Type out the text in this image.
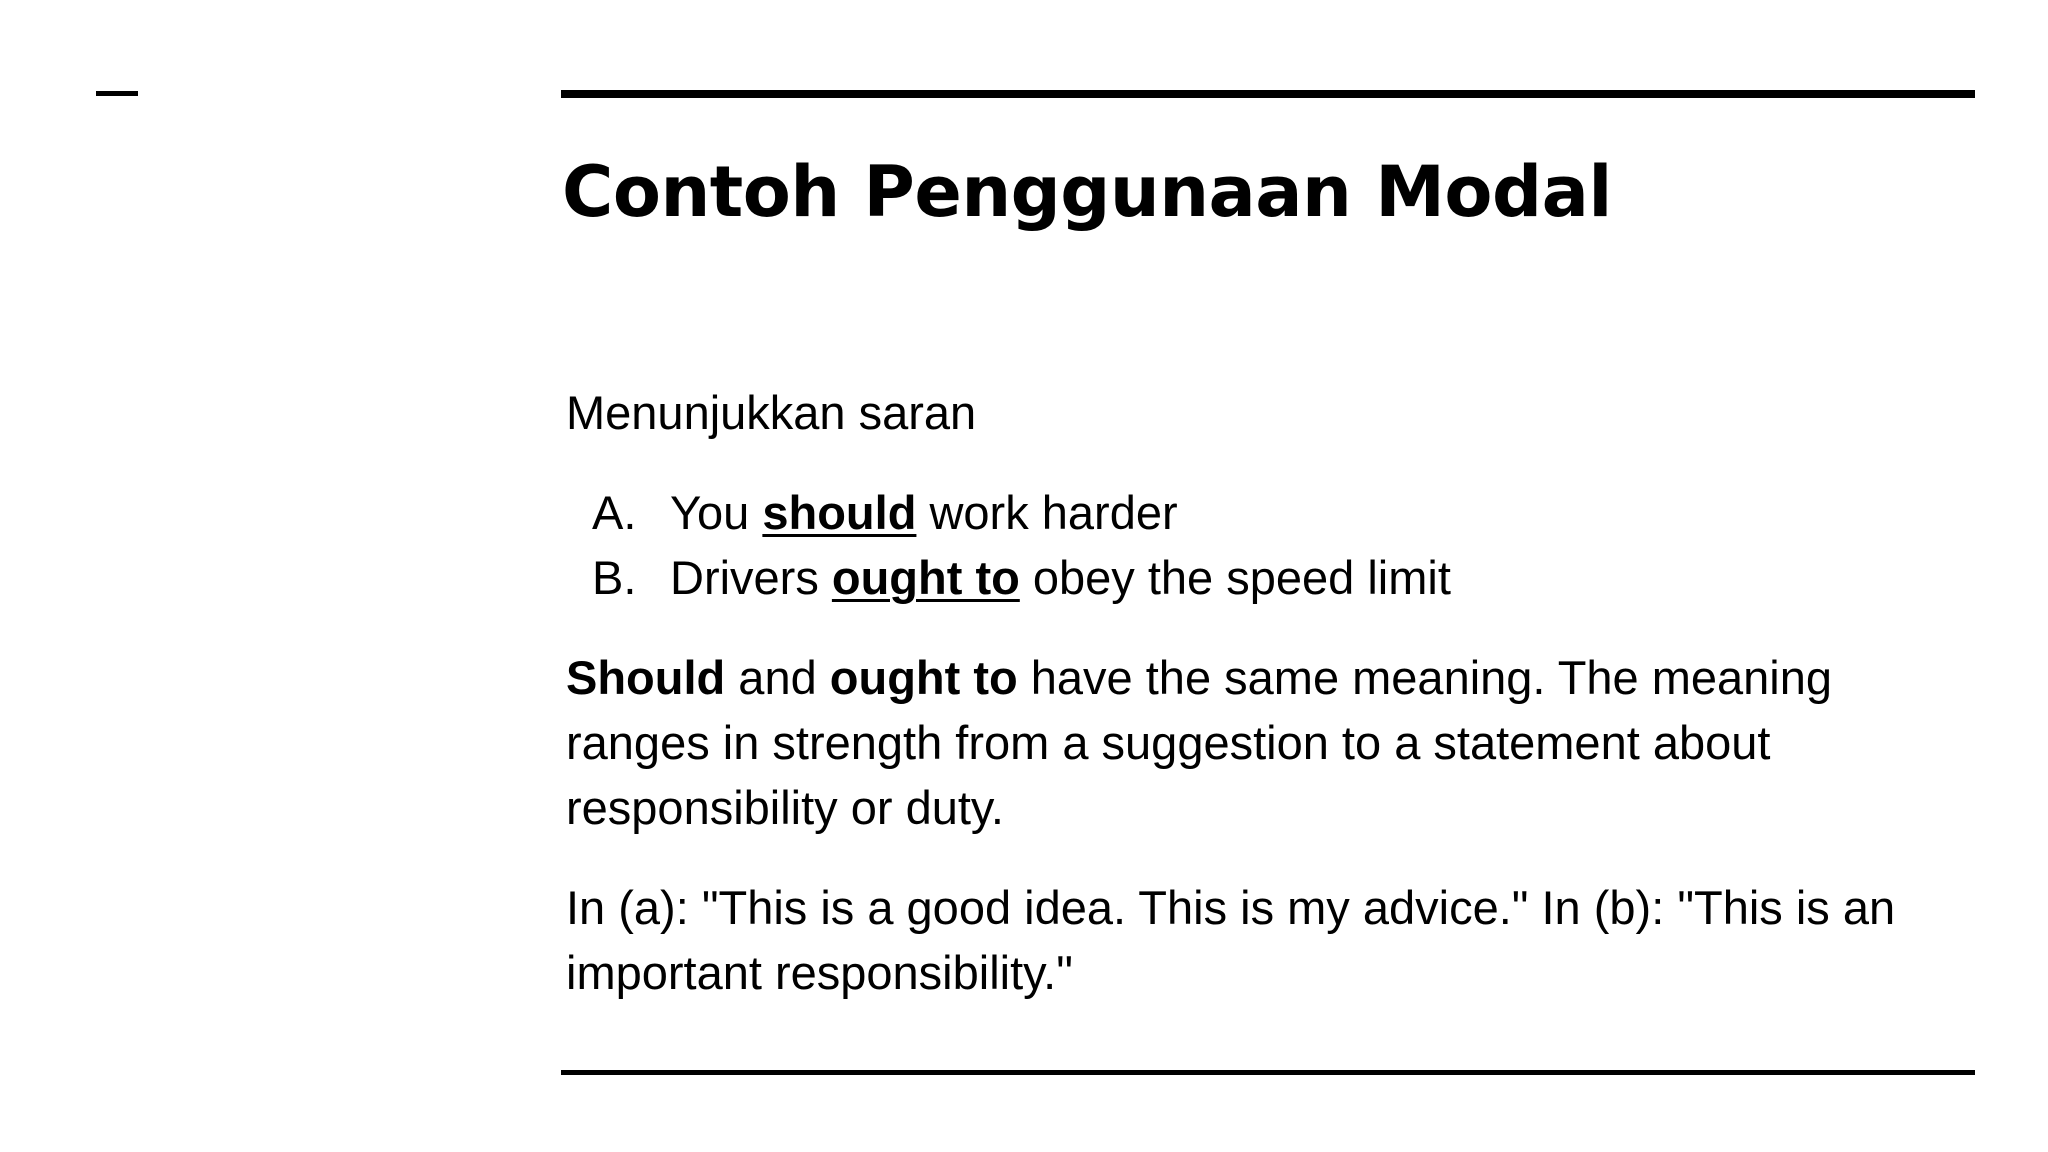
Contoh Penggunaan Modal

Menunjukkan saran

A. You should work harder
B. Drivers ought to obey the speed limit

Should and ought to have the same meaning. The meaning ranges in strength from a suggestion to a statement about responsibility or duty.

In (a): "This is a good idea. This is my advice." In (b): "This is an important responsibility."
